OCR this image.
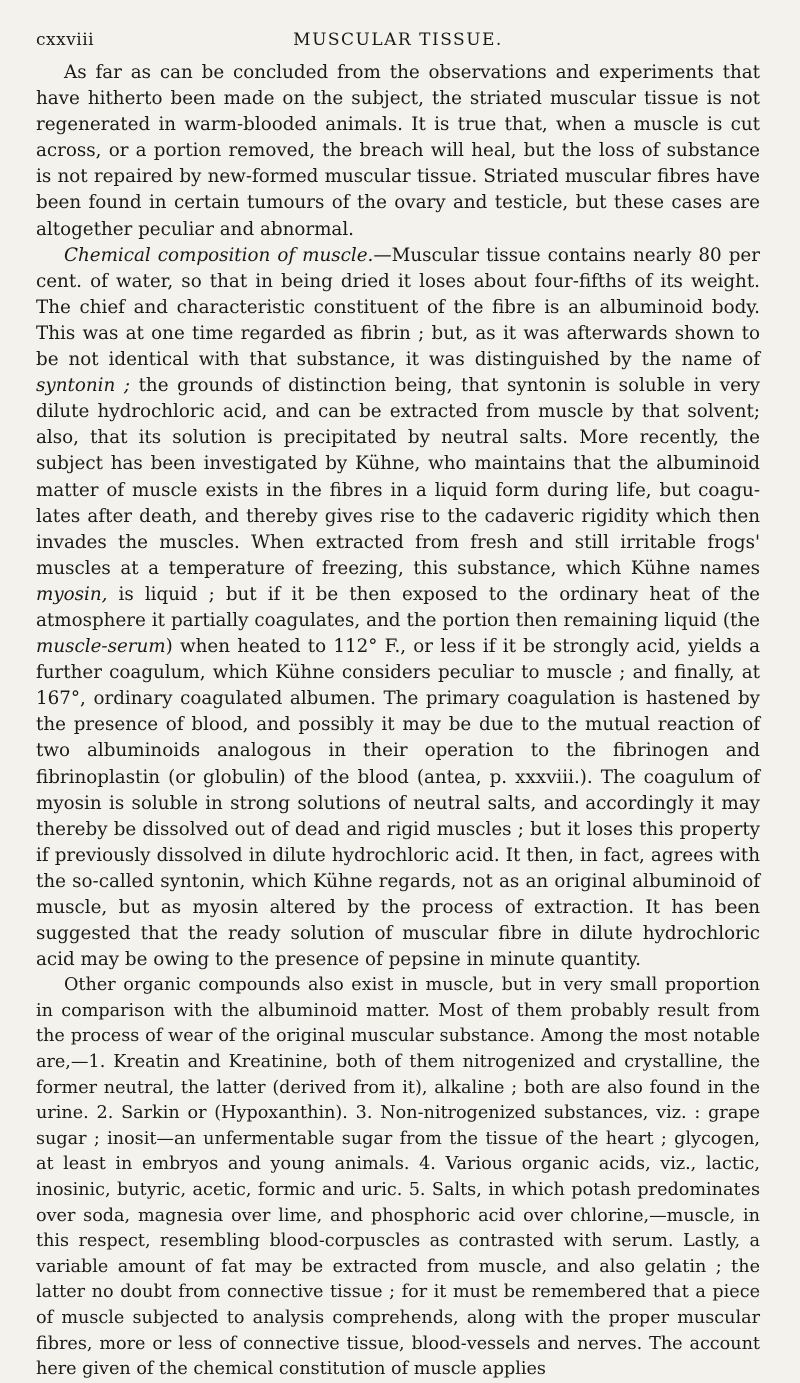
cxxviii	MUSCULAR TISSUE.

As far as can be concluded from the observations and experiments that have hitherto been made on the subject, the striated muscular tissue is not regenerated in warm-blooded animals. It is true that, when a muscle is cut across, or a portion removed, the breach will heal, but the loss of substance is not repaired by new-formed muscular tissue. Striated muscular fibres have been found in certain tumours of the ovary and testicle, but these cases are altogether peculiar and abnormal.

Chemical composition of muscle.—Muscular tissue contains nearly 80 per cent. of water, so that in being dried it loses about four-fifths of its weight. The chief and characteristic constituent of the fibre is an albuminoid body. This was at one time regarded as fibrin ; but, as it was afterwards shown to be not identical with that substance, it was distinguished by the name of syntonin ; the grounds of distinction being, that syntonin is soluble in very dilute hydrochloric acid, and can be extracted from muscle by that solvent; also, that its solution is precipitated by neutral salts. More recently, the subject has been investigated by Kühne, who maintains that the albuminoid matter of muscle exists in the fibres in a liquid form during life, but coagulates after death, and thereby gives rise to the cadaveric rigidity which then invades the muscles. When extracted from fresh and still irritable frogs' muscles at a temperature of freezing, this substance, which Kühne names myosin, is liquid ; but if it be then exposed to the ordinary heat of the atmosphere it partially coagulates, and the portion then remaining liquid (the muscle-serum) when heated to 112° F., or less if it be strongly acid, yields a further coagulum, which Kühne considers peculiar to muscle ; and finally, at 167°, ordinary coagulated albumen. The primary coagulation is hastened by the presence of blood, and possibly it may be due to the mutual reaction of two albuminoids analogous in their operation to the fibrinogen and fibrinoplastin (or globulin) of the blood (antea, p. xxxviii.). The coagulum of myosin is soluble in strong solutions of neutral salts, and accordingly it may thereby be dissolved out of dead and rigid muscles ; but it loses this property if previously dissolved in dilute hydrochloric acid. It then, in fact, agrees with the so-called syntonin, which Kühne regards, not as an original albuminoid of muscle, but as myosin altered by the process of extraction. It has been suggested that the ready solution of muscular fibre in dilute hydrochloric acid may be owing to the presence of pepsine in minute quantity.

Other organic compounds also exist in muscle, but in very small proportion in comparison with the albuminoid matter. Most of them probably result from the process of wear of the original muscular substance. Among the most notable are,—1. Kreatin and Kreatinine, both of them nitrogenized and crystalline, the former neutral, the latter (derived from it), alkaline ; both are also found in the urine. 2. Sarkin or (Hypoxanthin). 3. Non-nitrogenized substances, viz. : grape sugar ; inosit—an unfermentable sugar from the tissue of the heart ; glycogen, at least in embryos and young animals. 4. Various organic acids, viz., lactic, inosinic, butyric, acetic, formic and uric. 5. Salts, in which potash predominates over soda, magnesia over lime, and phosphoric acid over chlorine,—muscle, in this respect, resembling blood-corpuscles as contrasted with serum. Lastly, a variable amount of fat may be extracted from muscle, and also gelatin ; the latter no doubt from connective tissue ; for it must be remembered that a piece of muscle subjected to analysis comprehends, along with the proper muscular fibres, more or less of connective tissue, blood-vessels and nerves. The account here given of the chemical constitution of muscle applies
